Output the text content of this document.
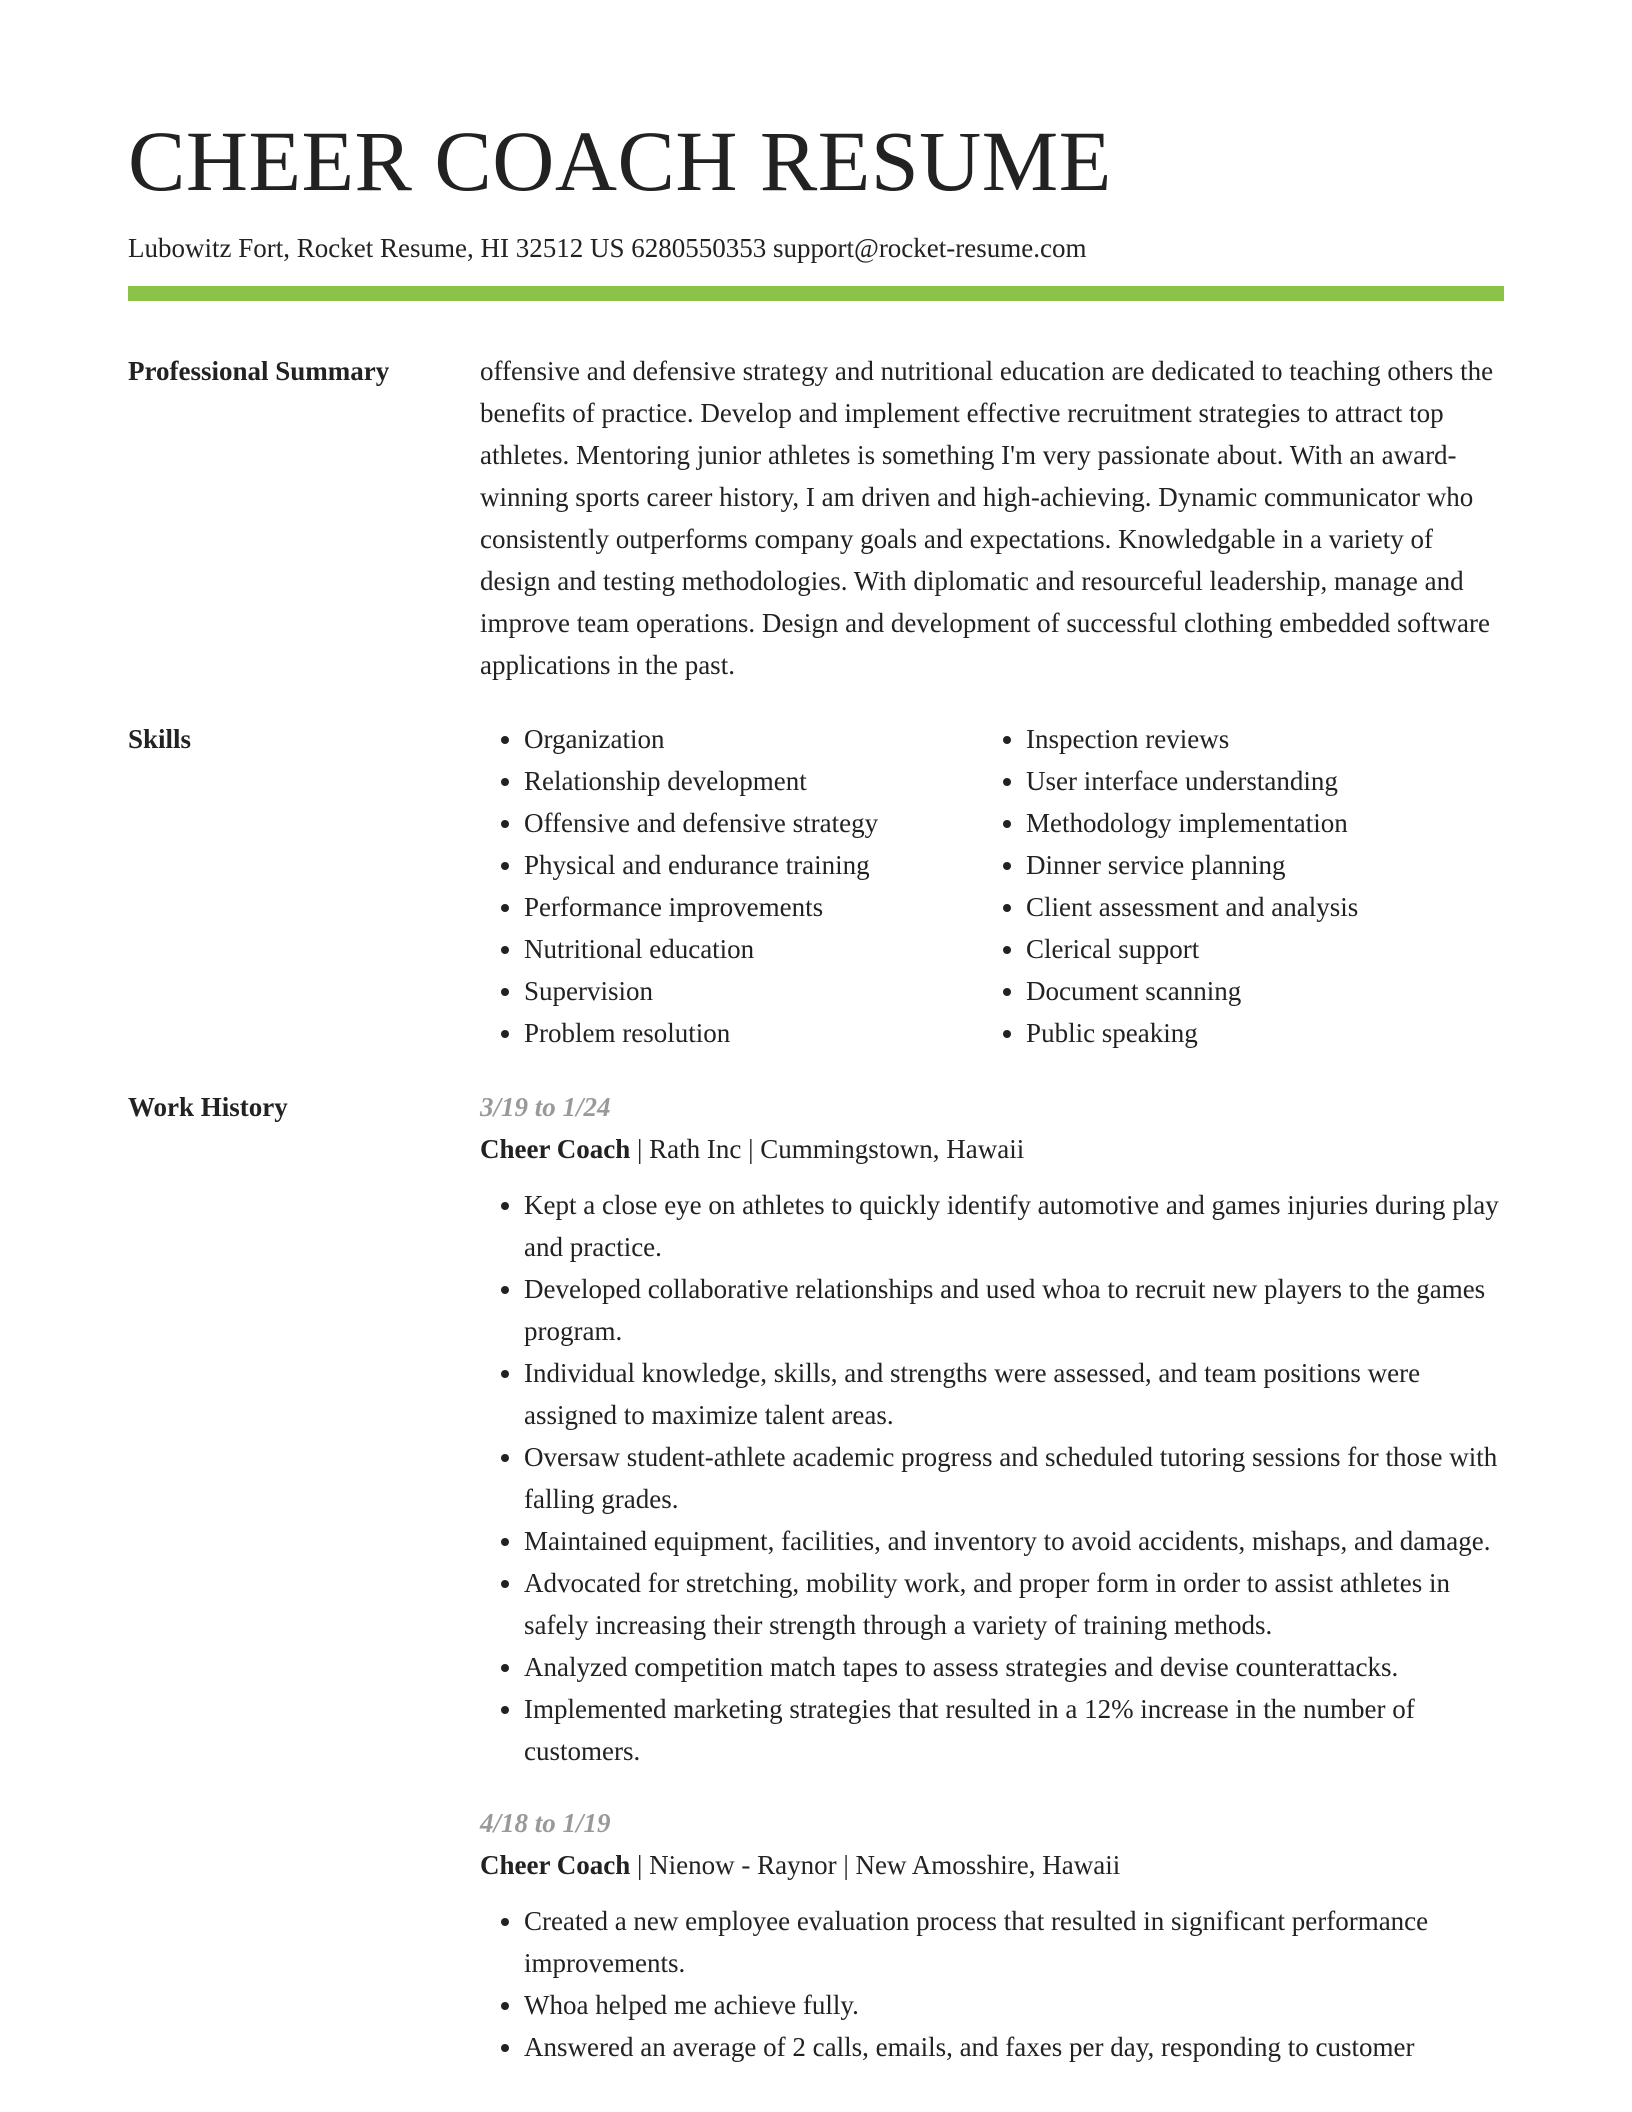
CHEER COACH RESUME
Lubowitz Fort, Rocket Resume, HI 32512 US 6280550353 support@rocket-resume.com
Professional Summary	offensive and defensive strategy and nutritional education are dedicated to teaching others the benefits of practice. Develop and implement effective recruitment strategies to attract top athletes. Mentoring junior athletes is something I'm very passionate about. With an award-winning sports career history, I am driven and high-achieving. Dynamic communicator who consistently outperforms company goals and expectations. Knowledgable in a variety of design and testing methodologies. With diplomatic and resourceful leadership, manage and improve team operations. Design and development of successful clothing embedded software applications in the past.

Skills
•	Organization
• Relationship development
• Offensive and defensive strategy
• Physical and endurance training
• Performance improvements
• Nutritional education
• Supervision
• Problem resolution
• Inspection reviews
• User interface understanding
• Methodology implementation
• Dinner service planning
• Client assessment and analysis
• Clerical support
• Document scanning
• Public speaking
Work History	3/19 to 1/24
Cheer Coach | Rath Inc | Cummingstown, Hawaii
• Kept a close eye on athletes to quickly identify automotive and games injuries during play and practice.
• Developed collaborative relationships and used whoa to recruit new players to the games program.
• Individual knowledge, skills, and strengths were assessed, and team positions were assigned to maximize talent areas.
• Oversaw student-athlete academic progress and scheduled tutoring sessions for those with falling grades.
• Maintained equipment, facilities, and inventory to avoid accidents, mishaps, and damage.
• Advocated for stretching, mobility work, and proper form in order to assist athletes in safely increasing their strength through a variety of training methods.
• Analyzed competition match tapes to assess strategies and devise counterattacks.
• Implemented marketing strategies that resulted in a 12% increase in the number of customers.
4/18 to 1/19
Cheer Coach | Nienow - Raynor | New Amosshire, Hawaii
• Created a new employee evaluation process that resulted in significant performance improvements.
• Whoa helped me achieve fully.
• Answered an average of 2 calls, emails, and faxes per day, responding to customer
